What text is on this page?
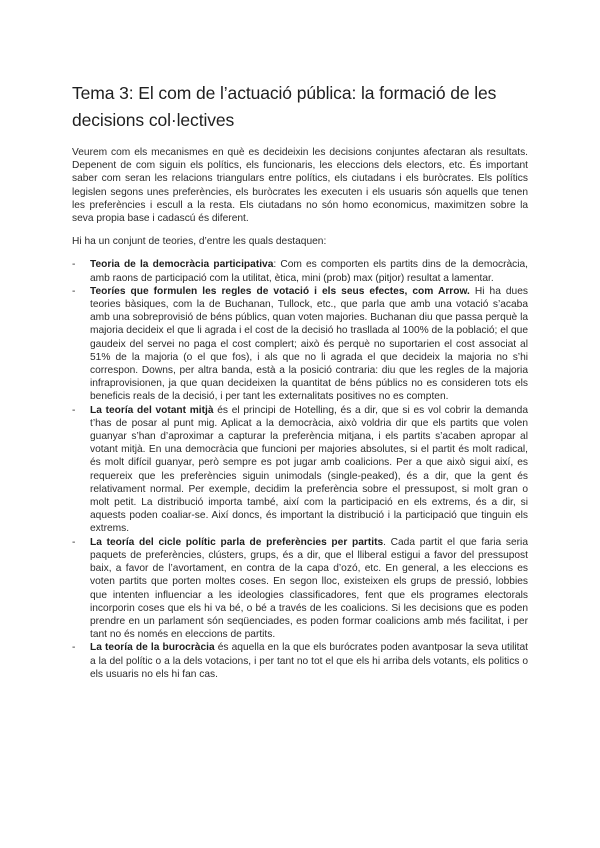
Tema 3: El com de l’actuació pública: la formació de les decisions col·lectives

Veurem com els mecanismes en què es decideixin les decisions conjuntes afectaran als resultats. Depenent de com siguin els polítics, els funcionaris, les eleccions dels electors, etc. És important saber com seran les relacions triangulars entre polítics, els ciutadans i els buròcrates. Els polítics legislen segons unes preferències, els buròcrates les executen i els usuaris són aquells que tenen les preferències i escull a la resta. Els ciutadans no són homo economicus, maximitzen sobre la seva propia base i cadascú és diferent.

Hi ha un conjunt de teories, d’entre les quals destaquen:

- Teoria de la democràcia participativa: Com es comporten els partits dins de la democràcia, amb raons de participació com la utilitat, ètica, mini (prob) max (pitjor) resultat a lamentar.
- Teoríes que formulen les regles de votació i els seus efectes, com Arrow. Hi ha dues teories bàsiques, com la de Buchanan, Tullock, etc., que parla que amb una votació s’acaba amb una sobreprovisió de béns públics, quan voten majories. Buchanan diu que passa perquè la majoria decideix el que li agrada i el cost de la decisió ho trasllada al 100% de la població; el que gaudeix del servei no paga el cost complert; això és perquè no suportarien el cost associat al 51% de la majoria (o el que fos), i als que no li agrada el que decideix la majoria no s’hi correspon. Downs, per altra banda, està a la posició contraria: diu que les regles de la majoria infraprovisionen, ja que quan decideixen la quantitat de béns públics no es consideren tots els beneficis reals de la decisió, i per tant les externalitats positives no es compten.
- La teoría del votant mitjà és el principi de Hotelling, és a dir, que si es vol cobrir la demanda t’has de posar al punt mig. Aplicat a la democràcia, això voldria dir que els partits que volen guanyar s’han d’aproximar a capturar la preferència mitjana, i els partits s’acaben apropar al votant mitjà. En una democràcia que funcioni per majories absolutes, si el partit és molt radical, és molt difícil guanyar, però sempre es pot jugar amb coalicions. Per a que això sigui així, es requereix que les preferències siguin unimodals (single-peaked), és a dir, que la gent és relativament normal. Per exemple, decidim la preferència sobre el pressupost, si molt gran o molt petit. La distribució importa també, així com la participació en els extrems, és a dir, si aquests poden coaliar-se. Així doncs, és important la distribució i la participació que tinguin els extrems.
- La teoría del cicle polític parla de preferències per partits. Cada partit el que faria seria paquets de preferències, clústers, grups, és a dir, que el lliberal estigui a favor del pressupost baix, a favor de l’avortament, en contra de la capa d’ozó, etc. En general, a les eleccions es voten partits que porten moltes coses. En segon lloc, existeixen els grups de pressió, lobbies que intenten influenciar a les ideologies classificadores, fent que els programes electorals incorporin coses que els hi va bé, o bé a través de les coalicions. Si les decisions que es poden prendre en un parlament són seqüenciades, es poden formar coalicions amb més facilitat, i per tant no és només en eleccions de partits.
- La teoría de la burocràcia és aquella en la que els burócrates poden avantposar la seva utilitat a la del polític o a la dels votacions, i per tant no tot el que els hi arriba dels votants, els politics o els usuaris no els hi fan cas.
